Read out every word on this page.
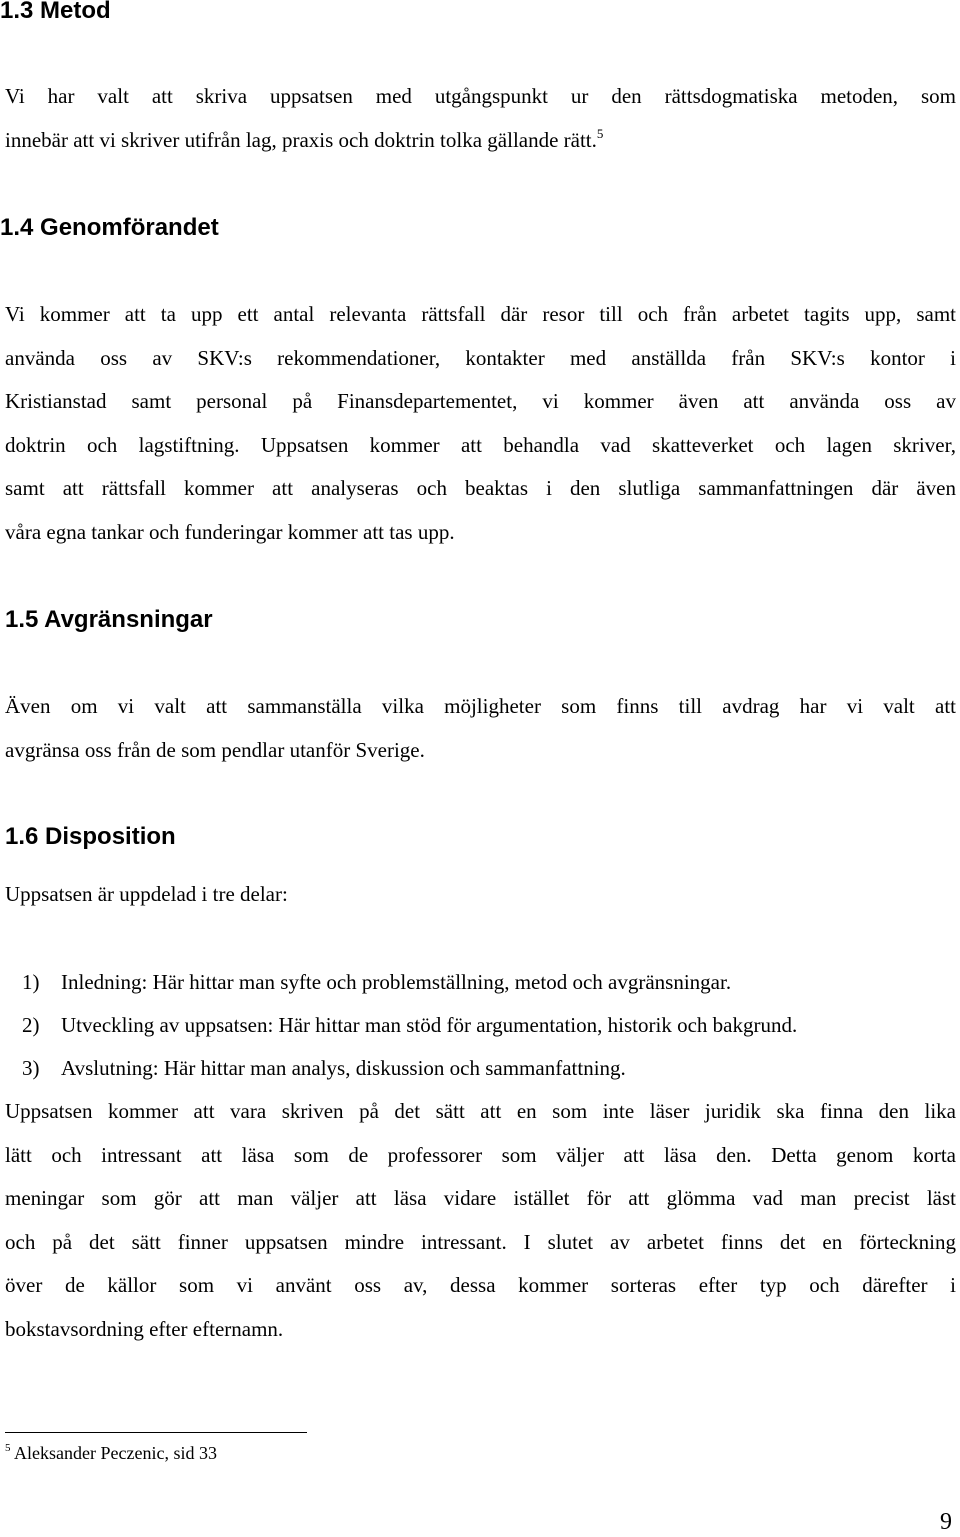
1.3 Metod
Vi har valt att skriva uppsatsen med utgångspunkt ur den rättsdogmatiska metoden, som
innebär att vi skriver utifrån lag, praxis och doktrin tolka gällande rätt.$^5$
1.4 Genomförandet
Vi kommer att ta upp ett antal relevanta rättsfall där resor till och från arbetet tagits upp, samt
använda oss av SKV:s rekommendationer, kontakter med anställda från SKV:s kontor i
Kristianstad samt personal på Finansdepartementet, vi kommer även att använda oss av
doktrin och lagstiftning. Uppsatsen kommer att behandla vad skatteverket och lagen skriver,
samt att rättsfall kommer att analyseras och beaktas i den slutliga sammanfattningen där även
våra egna tankar och funderingar kommer att tas upp.
1.5 Avgränsningar
Även om vi valt att sammanställa vilka möjligheter som finns till avdrag har vi valt att
avgränsa oss från de som pendlar utanför Sverige.
1.6 Disposition
Uppsatsen är uppdelad i tre delar:
1) Inledning: Här hittar man syfte och problemställning, metod och avgränsningar.
2) Utveckling av uppsatsen: Här hittar man stöd för argumentation, historik och bakgrund.
3) Avslutning: Här hittar man analys, diskussion och sammanfattning.
Uppsatsen kommer att vara skriven på det sätt att en som inte läser juridik ska finna den lika
lätt och intressant att läsa som de professorer som väljer att läsa den. Detta genom korta
meningar som gör att man väljer att läsa vidare istället för att glömma vad man precist läst
och på det sätt finner uppsatsen mindre intressant. I slutet av arbetet finns det en förteckning
över de källor som vi använt oss av, dessa kommer sorteras efter typ och därefter i
bokstavsordning efter efternamn.
$^5$ Aleksander Peczenic, sid 33
9
